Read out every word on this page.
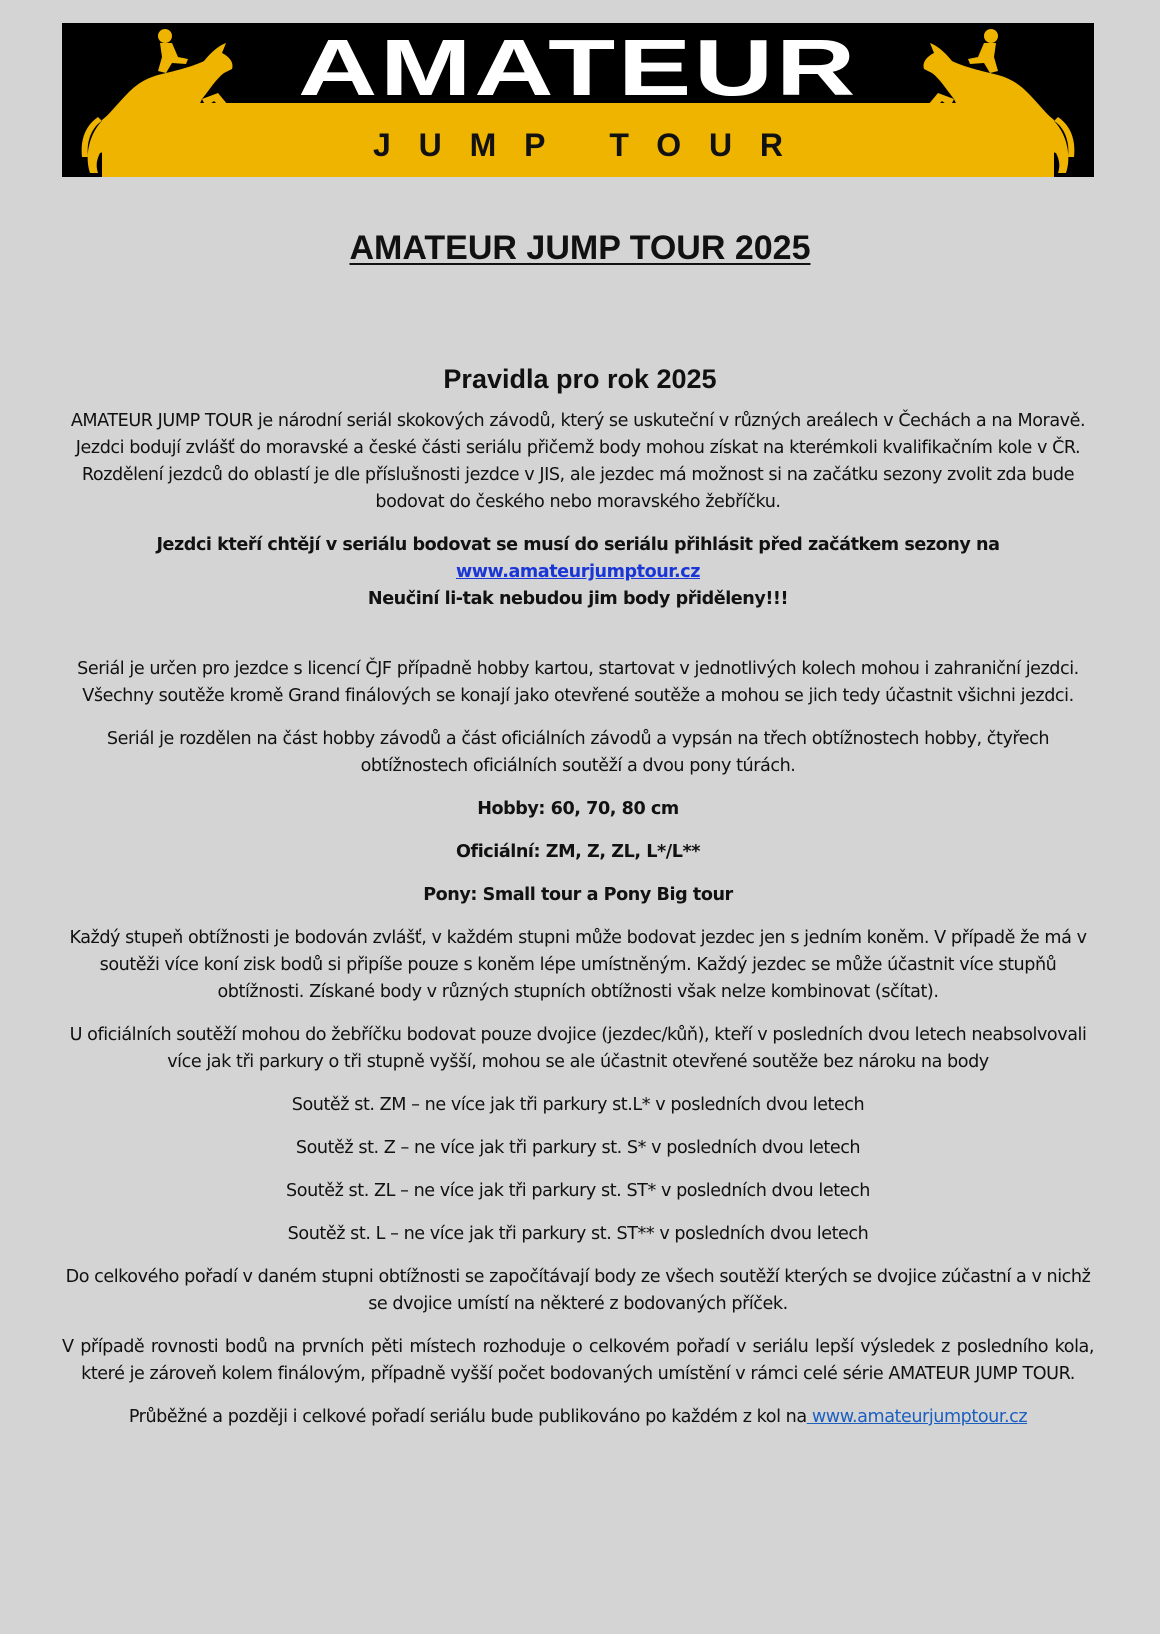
AMATEUR
JUMP TOUR
AMATEUR JUMP TOUR 2025
Pravidla pro rok 2025

AMATEUR JUMP TOUR je národní seriál skokových závodů, který se uskuteční v různých areálech v Čechách a na Moravě. Jezdci bodují zvlášť do moravské a české části seriálu přičemž body mohou získat na kterémkoli kvalifikačním kole v ČR. Rozdělení jezdců do oblastí je dle příslušnosti jezdce v JIS, ale jezdec má možnost si na začátku sezony zvolit zda bude bodovat do českého nebo moravského žebříčku.

Jezdci kteří chtějí v seriálu bodovat se musí do seriálu přihlásit před začátkem sezony na www.amateurjumptour.cz
Neučiní li-tak nebudou jim body přiděleny!!!

Seriál je určen pro jezdce s licencí ČJF případně hobby kartou, startovat v jednotlivých kolech mohou i zahraniční jezdci. Všechny soutěže kromě Grand finálových se konají jako otevřené soutěže a mohou se jich tedy účastnit všichni jezdci.

Seriál je rozdělen na část hobby závodů a část oficiálních závodů a vypsán na třech obtížnostech hobby, čtyřech obtížnostech oficiálních soutěží a dvou pony túrách.

Hobby: 60, 70, 80 cm

Oficiální: ZM, Z, ZL, L*/L**

Pony: Small tour a Pony Big tour

Každý stupeň obtížnosti je bodován zvlášť, v každém stupni může bodovat jezdec jen s jedním koněm. V případě že má v soutěži více koní zisk bodů si připíše pouze s koněm lépe umístněným. Každý jezdec se může účastnit více stupňů obtížnosti. Získané body v různých stupních obtížnosti však nelze kombinovat (sčítat).

U oficiálních soutěží mohou do žebříčku bodovat pouze dvojice (jezdec/kůň), kteří v posledních dvou letech neabsolvovali více jak tři parkury o tři stupně vyšší, mohou se ale účastnit otevřené soutěže bez nároku na body

Soutěž st. ZM – ne více jak tři parkury st.L* v posledních dvou letech

Soutěž st. Z – ne více jak tři parkury st. S* v posledních dvou letech

Soutěž st. ZL – ne více jak tři parkury st. ST* v posledních dvou letech

Soutěž st. L – ne více jak tři parkury st. ST** v posledních dvou letech

Do celkového pořadí v daném stupni obtížnosti se započítávají body ze všech soutěží kterých se dvojice zúčastní a v nichž se dvojice umístí na některé z bodovaných příček.

V případě rovnosti bodů na prvních pěti místech rozhoduje o celkovém pořadí v seriálu lepší výsledek z posledního kola, které je zároveň kolem finálovým, případně vyšší počet bodovaných umístění v rámci celé série AMATEUR JUMP TOUR.

Průběžné a později i celkové pořadí seriálu bude publikováno po každém z kol na www.amateurjumptour.cz
